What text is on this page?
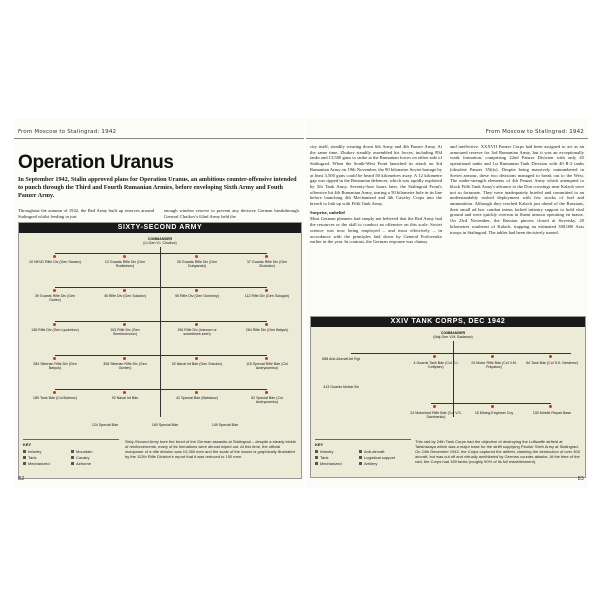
From Moscow to Stalingrad: 1942
Operation Uranus
In September 1942, Stalin approved plans for Operation Uranus, an ambitious counter-offensive intended to punch through the Third and Fourth Rumanian Armies, before enveloping Sixth Army and Fouth Panzer Army.

Throughout the autumn of 1942, the Red Army built up reserves around Stalingrad whilst feeding in just

enough window reserve to prevent any decisive German breakthrough. General Chuikov's 62nd Army held the

SIXTY-SECOND ARMY
COMMANDER
(Lt-Gen V.I. Chuikov)
KEY
Infantry
Tank
Mechanized
Mountain
Cavalry
Airborne
Sixty-Second Army bore the brunt of the German assaults at Stalingrad – despite a steady trickle of reinforcements, many of its formations were almost wiped out. At this time, the official manpower of a rifle division was 10,350 men and the scale of the losses is graphically illustrated by the 112th Rifle Division's report that it was reduced to 150 men.
10 NKVD Rifle Div (Gen Saraev)	13 Guards Rifle Div (Gen Rodimtsev)
35 Guards Rifle Div (Gen Dubyanski)
37 Guards Rifle Div (Gen Zholudev)
39 Guards Rifle Div (Gen Guriev)
45 Rifle Div (Gen Sokolov)	95 Rifle Div (Gen Gorishny)	112 Rifle Div (Gen Sologub)
138 Rifle Div (Gen Lyudnikov)	193 Rifle Div (Gen Smekhotvorov)
196 Rifle Div (Ivanovn or sometimes seen)
284 Rifle Div (Gen Batyuk)
284 Siberian Rifle Div (Gen Batyuk)
308 Siberian Rifle Div (Gen Gurtiev)
92 Naval Inf Bde (Gen Sokolov)	115 Special Rifle Bde (Col Andryusenko)
189 Tank Bde (Col Bubnov)	92 Naval Inf Bde	42 Special Bde (Batrakov)	62 Special Bde (Col Andryusenko)
124 Special Bde	160 Special Bde	149 Special Bde
82
From Moscow to Stalingrad: 1942

city itself, steadily wearing down 6th Army and 4th Panzer Army. At the same time, Zhukov steadily assembled his forces, including 894 tanks and 13,500 guns to strike at the Rumanian forces on either side of Stalingrad. When the South-West Front launched its attack on 3rd Rumanian Army on 19th November, the 90 kilometre Soviet barrage by at least 3,500 guns could be heard 50 kilometres away. A 12 kilometre gap was ripped in the Rumanian defences, which was rapidly exploited by 5th Tank Army. Seventy-four hours later, the Stalingrad Front's offensive hit 4th Rumanian Army, tearing a 50 kilometre hole in its line before launching 4th Mechanized and 4th Cavalry Corps into the breach to link up with Fifth Tank Army.

Surprise, unbelief

Most German planners had simply not believed that the Red Army had the resources or the skill to conduct an offensive on this scale. Soviet science was now being employed – and most effectively – in accordance with the principles laid down by General Frolovenko earlier in the year. In contrast, the German response was clumsy

and ineffective. XXXVII Panzer Corps had been assigned to act as an armoured reserve for 3rd Rumanian Army, but it was an exceptionally weak formation, comprising 22nd Panzer Division with only 45 operational tanks and 1st Rumanian Tank Division with 40 R-2 tanks (obsolete Panzer 35(t)s). Despite being massively outnumbered in Soviet armour, these two divisions managed to break out to the West. The under-strength elements of 4th Panzer Army which attempted to block Fifth Tank Army's advance to the Don crossings near Kalach were not so fortunate. They were inadequately briefed and committed to an understandably rushed deployment with few stocks of fuel and ammunition. Although they reached Kalach just ahead of the Russians, their small ad hoc combat teams lacked infantry support to hold vital ground and were quickly overrun in fluent armour operating en masse. On 23rd November, the Russian pincers closed at Sovetsky, 20 kilometres southeast of Kalach, trapping an estimated 300,000 Axis troops in Stalingrad. The tables had been decisively turned.

XXIV TANK CORPS, DEC 1942
COMMANDER
(Maj-Gen V.M. Badanov)
KEY
Infantry
Tank
Mechanized
Anti-aircraft
Logistical support
Artillery
This raid by 24th Tank Corps had the objective of destroying the Luftwaffe airfield at Tatsinskaya which was a major base for the airlift supplying Paulus' Sixth Army at Stalingrad. On 24th December 1942, the Corps captured the airfield, claiming the destruction of over 300 aircraft, but was cut off and virtually annihilated by German counter-attacks. At the time of the raid, the Corps had 159 tanks (roughly 90% of its full establishment).
4 Guards Tank Bde (Col G.I. Koftyaev)
24 Motor Rifle Bde (Col V.M. Polyakov)
54 Tank Bde (Col S.K. Nesterov)
658 Anti-Aircraft Art Rgt
413 Guards Mortar Bn
24 Motorised Rifle Bde (Col V.S. Savchenko)
15 Mining Engineer Coy	130 Mobile Repair Base
83
